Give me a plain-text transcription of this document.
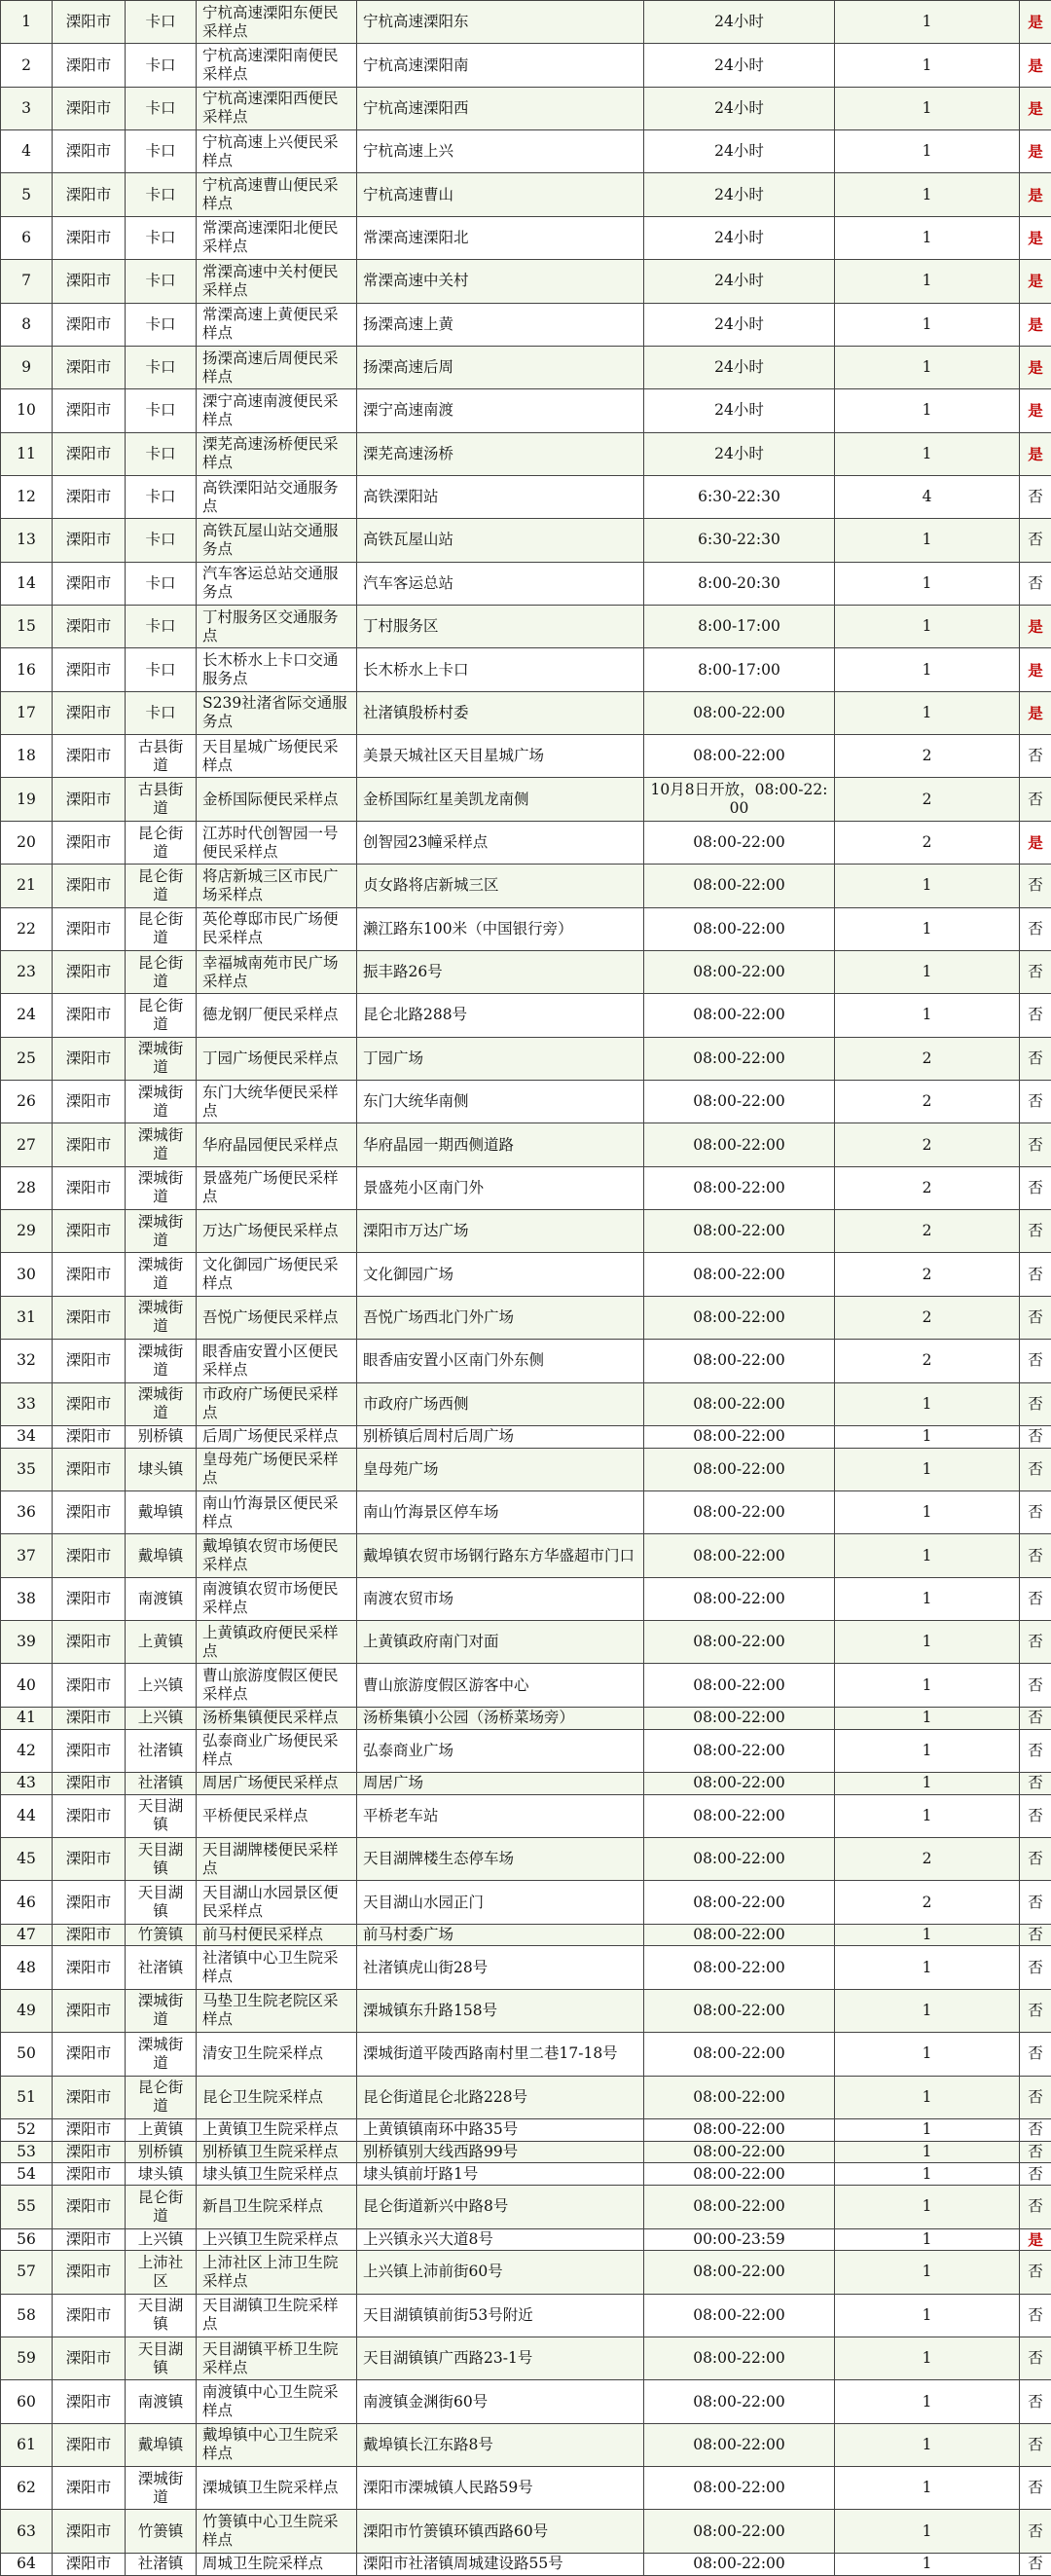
1	溧阳市	卡口	宁杭高速溧阳东便民采样点	宁杭高速溧阳东	24小时	1	是
2	溧阳市	卡口	宁杭高速溧阳南便民采样点	宁杭高速溧阳南	24小时	1	是
3	溧阳市	卡口	宁杭高速溧阳西便民采样点	宁杭高速溧阳西	24小时	1	是
4	溧阳市	卡口	宁杭高速上兴便民采样点	宁杭高速上兴	24小时	1	是
5	溧阳市	卡口	宁杭高速曹山便民采样点	宁杭高速曹山	24小时	1	是
6	溧阳市	卡口	常溧高速溧阳北便民采样点	常溧高速溧阳北	24小时	1	是
7	溧阳市	卡口	常溧高速中关村便民采样点	常溧高速中关村	24小时	1	是
8	溧阳市	卡口	常溧高速上黄便民采样点	扬溧高速上黄	24小时	1	是
9	溧阳市	卡口	扬溧高速后周便民采样点	扬溧高速后周	24小时	1	是
10	溧阳市	卡口	溧宁高速南渡便民采样点	溧宁高速南渡	24小时	1	是
11	溧阳市	卡口	溧芜高速汤桥便民采样点	溧芜高速汤桥	24小时	1	是
12	溧阳市	卡口	高铁溧阳站交通服务点	高铁溧阳站	6:30-22:30	4	否
13	溧阳市	卡口	高铁瓦屋山站交通服务点	高铁瓦屋山站	6:30-22:30	1	否
14	溧阳市	卡口	汽车客运总站交通服务点	汽车客运总站	8:00-20:30	1	否
15	溧阳市	卡口	丁村服务区交通服务点	丁村服务区	8:00-17:00	1	是
16	溧阳市	卡口	长木桥水上卡口交通服务点	长木桥水上卡口	8:00-17:00	1	是
17	溧阳市	卡口	S239社渚省际交通服务点	社渚镇殷桥村委	08:00-22:00	1	是
18	溧阳市	古县街道	天目星城广场便民采样点	美景天城社区天目星城广场	08:00-22:00	2	否
19	溧阳市	古县街道	金桥国际便民采样点	金桥国际红星美凯龙南侧	10月8日开放，08:00-22:00	2	否
20	溧阳市	昆仑街道	江苏时代创智园一号便民采样点	创智园23幢采样点	08:00-22:00	2	是
21	溧阳市	昆仑街道	将店新城三区市民广场采样点	贞女路将店新城三区	08:00-22:00	1	否
22	溧阳市	昆仑街道	英伦尊邸市民广场便民采样点	濑江路东100米（中国银行旁）	08:00-22:00	1	否
23	溧阳市	昆仑街道	幸福城南苑市民广场采样点	振丰路26号	08:00-22:00	1	否
24	溧阳市	昆仑街道	德龙钢厂便民采样点	昆仑北路288号	08:00-22:00	1	否
25	溧阳市	溧城街道	丁园广场便民采样点	丁园广场	08:00-22:00	2	否
26	溧阳市	溧城街道	东门大统华便民采样点	东门大统华南侧	08:00-22:00	2	否
27	溧阳市	溧城街道	华府晶园便民采样点	华府晶园一期西侧道路	08:00-22:00	2	否
28	溧阳市	溧城街道	景盛苑广场便民采样点	景盛苑小区南门外	08:00-22:00	2	否
29	溧阳市	溧城街道	万达广场便民采样点	溧阳市万达广场	08:00-22:00	2	否
30	溧阳市	溧城街道	文化御园广场便民采样点	文化御园广场	08:00-22:00	2	否
31	溧阳市	溧城街道	吾悦广场便民采样点	吾悦广场西北门外广场	08:00-22:00	2	否
32	溧阳市	溧城街道	眼香庙安置小区便民采样点	眼香庙安置小区南门外东侧	08:00-22:00	2	否
33	溧阳市	溧城街道	市政府广场便民采样点	市政府广场西侧	08:00-22:00	1	否
34	溧阳市	别桥镇	后周广场便民采样点	别桥镇后周村后周广场	08:00-22:00	1	否
35	溧阳市	埭头镇	皇母苑广场便民采样点	皇母苑广场	08:00-22:00	1	否
36	溧阳市	戴埠镇	南山竹海景区便民采样点	南山竹海景区停车场	08:00-22:00	1	否
37	溧阳市	戴埠镇	戴埠镇农贸市场便民采样点	戴埠镇农贸市场钢行路东方华盛超市门口	08:00-22:00	1	否
38	溧阳市	南渡镇	南渡镇农贸市场便民采样点	南渡农贸市场	08:00-22:00	1	否
39	溧阳市	上黄镇	上黄镇政府便民采样点	上黄镇政府南门对面	08:00-22:00	1	否
40	溧阳市	上兴镇	曹山旅游度假区便民采样点	曹山旅游度假区游客中心	08:00-22:00	1	否
41	溧阳市	上兴镇	汤桥集镇便民采样点	汤桥集镇小公园（汤桥菜场旁）	08:00-22:00	1	否
42	溧阳市	社渚镇	弘泰商业广场便民采样点	弘泰商业广场	08:00-22:00	1	否
43	溧阳市	社渚镇	周居广场便民采样点	周居广场	08:00-22:00	1	否
44	溧阳市	天目湖镇	平桥便民采样点	平桥老车站	08:00-22:00	1	否
45	溧阳市	天目湖镇	天目湖牌楼便民采样点	天目湖牌楼生态停车场	08:00-22:00	2	否
46	溧阳市	天目湖镇	天目湖山水园景区便民采样点	天目湖山水园正门	08:00-22:00	2	否
47	溧阳市	竹箦镇	前马村便民采样点	前马村委广场	08:00-22:00	1	否
48	溧阳市	社渚镇	社渚镇中心卫生院采样点	社渚镇虎山街28号	08:00-22:00	1	否
49	溧阳市	溧城街道	马垫卫生院老院区采样点	溧城镇东升路158号	08:00-22:00	1	否
50	溧阳市	溧城街道	清安卫生院采样点	溧城街道平陵西路南村里二巷17-18号	08:00-22:00	1	否
51	溧阳市	昆仑街道	昆仑卫生院采样点	昆仑街道昆仑北路228号	08:00-22:00	1	否
52	溧阳市	上黄镇	上黄镇卫生院采样点	上黄镇镇南环中路35号	08:00-22:00	1	否
53	溧阳市	别桥镇	别桥镇卫生院采样点	别桥镇别大线西路99号	08:00-22:00	1	否
54	溧阳市	埭头镇	埭头镇卫生院采样点	埭头镇前圩路1号	08:00-22:00	1	否
55	溧阳市	昆仑街道	新昌卫生院采样点	昆仑街道新兴中路8号	08:00-22:00	1	否
56	溧阳市	上兴镇	上兴镇卫生院采样点	上兴镇永兴大道8号	00:00-23:59	1	是
57	溧阳市	上沛社区	上沛社区上沛卫生院采样点	上兴镇上沛前街60号	08:00-22:00	1	否
58	溧阳市	天目湖镇	天目湖镇卫生院采样点	天目湖镇镇前街53号附近	08:00-22:00	1	否
59	溧阳市	天目湖镇	天目湖镇平桥卫生院采样点	天目湖镇镇广西路23-1号	08:00-22:00	1	否
60	溧阳市	南渡镇	南渡镇中心卫生院采样点	南渡镇金渊街60号	08:00-22:00	1	否
61	溧阳市	戴埠镇	戴埠镇中心卫生院采样点	戴埠镇长江东路8号	08:00-22:00	1	否
62	溧阳市	溧城街道	溧城镇卫生院采样点	溧阳市溧城镇人民路59号	08:00-22:00	1	否
63	溧阳市	竹箦镇	竹箦镇中心卫生院采样点	溧阳市竹箦镇环镇西路60号	08:00-22:00	1	否
64	溧阳市	社渚镇	周城卫生院采样点	溧阳市社渚镇周城建设路55号	08:00-22:00	1	否
